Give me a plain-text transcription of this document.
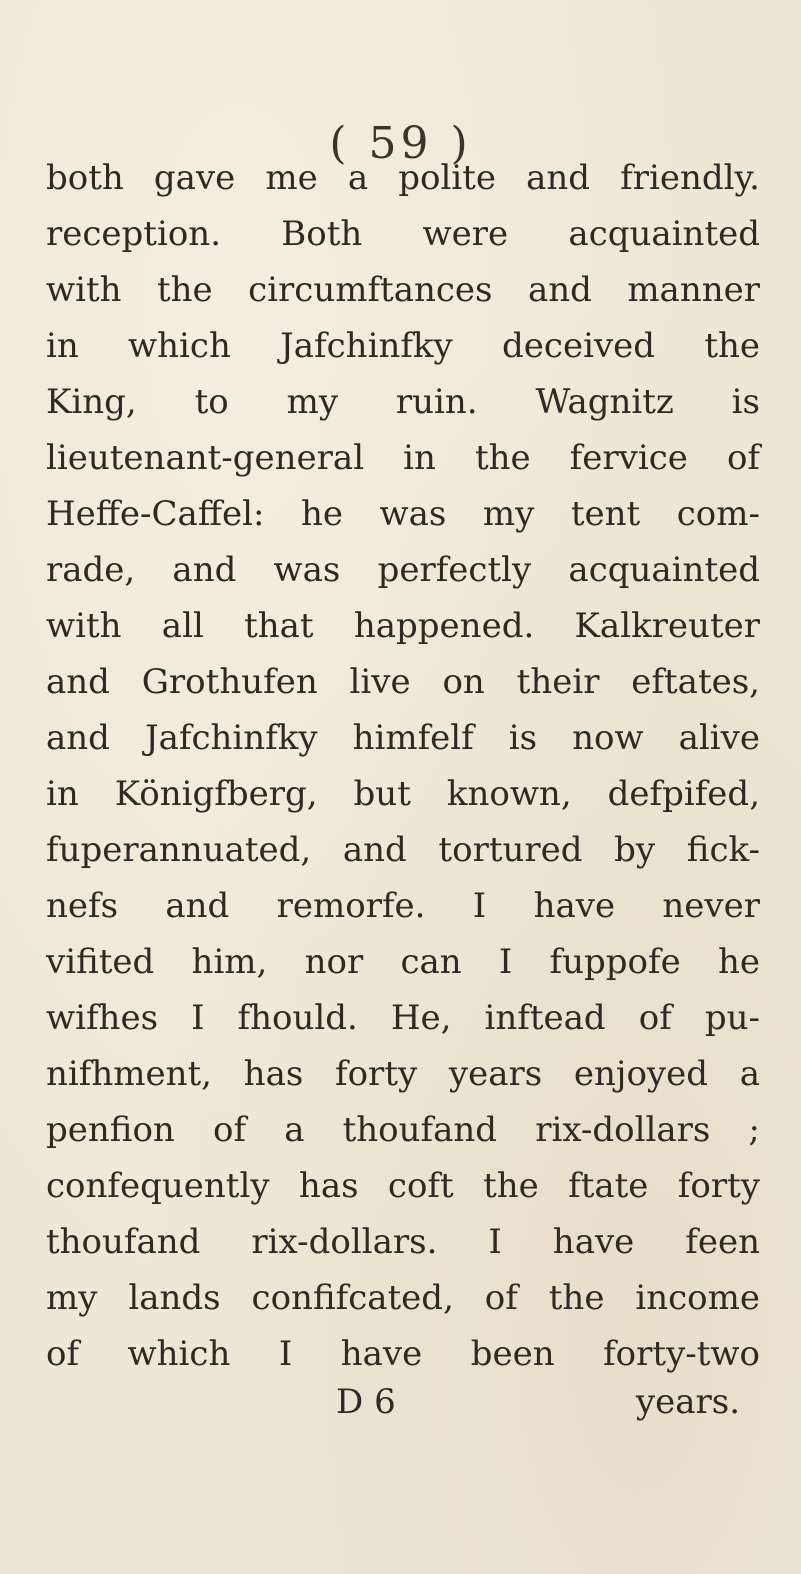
( 59 )
both gave me a polite and friendly.
reception. Both were acquainted
with the circumftances and manner
in which Jafchinfky deceived the
King, to my ruin. Wagnitz is
lieutenant-general in the fervice of
Heffe-Caffel: he was my tent com-
rade, and was perfectly acquainted
with all that happened. Kalkreuter
and Grothufen live on their eftates,
and Jafchinfky himfelf is now alive
in Königfberg, but known, defpifed,
fuperannuated, and tortured by fick-
nefs and remorfe. I have never
vifited him, nor can I fuppofe he
wifhes I fhould. He, inftead of pu-
nifhment, has forty years enjoyed a
penfion of a thoufand rix-dollars ;
confequently has coft the ftate forty
thoufand rix-dollars. I have feen
my lands confifcated, of the income
of which I have been forty-two
D 6	years.
